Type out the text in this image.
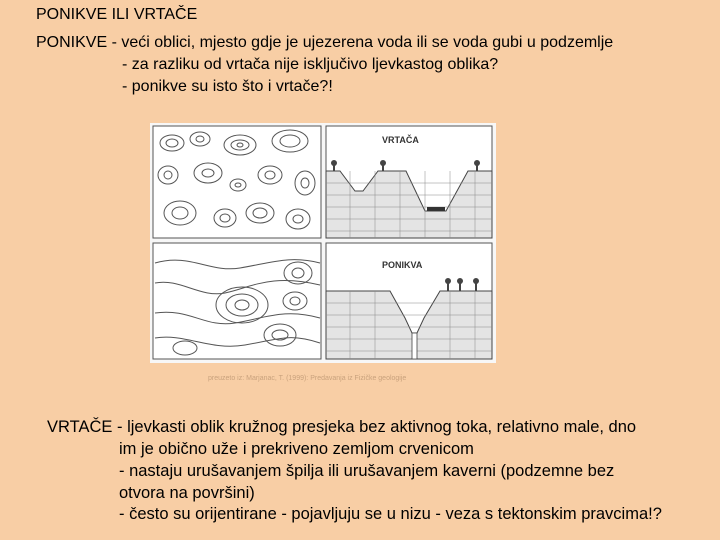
PONIKVE ILI VRTAČE
PONIKVE - veći oblici, mjesto gdje je ujezerena voda ili se voda gubi u podzemlje
- za razliku od vrtača nije isključivo ljevkastog oblika?
- ponikve su isto što i vrtače?!
VRTAČA
PONIKVA
preuzeto iz: Marjanac, T. (1999): Predavanja iz Fizičke geologije
VRTAČE - ljevkasti oblik kružnog presjeka bez aktivnog toka, relativno male, dno
im je obično uže i prekriveno zemljom crvenicom
- nastaju urušavanjem špilja ili urušavanjem kaverni (podzemne bez
otvora na površini)
- često su orijentirane - pojavljuju se u nizu - veza s tektonskim pravcima!?
